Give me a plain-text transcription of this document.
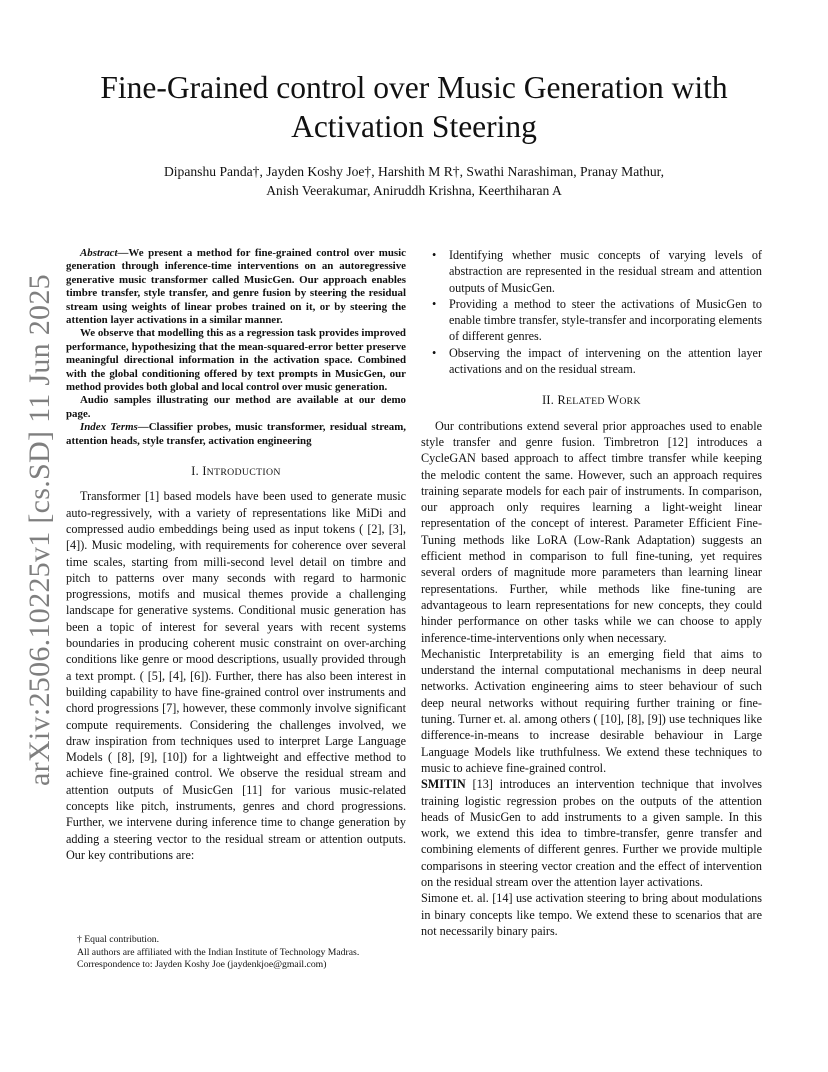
Fine-Grained control over Music Generation with
Activation Steering
Dipanshu Panda†, Jayden Koshy Joe†, Harshith M R†, Swathi Narashiman, Pranay Mathur,
Anish Veerakumar, Aniruddh Krishna, Keerthiharan A
arXiv:2506.10225v1 [cs.SD] 11 Jun 2025

Abstract—We present a method for fine-grained control over music generation through inference-time interventions on an autoregressive generative music transformer called MusicGen. Our approach enables timbre transfer, style transfer, and genre fusion by steering the residual stream using weights of linear probes trained on it, or by steering the attention layer activations in a similar manner.

We observe that modelling this as a regression task provides improved performance, hypothesizing that the mean-squared-error better preserve meaningful directional information in the activation space. Combined with the global conditioning offered by text prompts in MusicGen, our method provides both global and local control over music generation.

Audio samples illustrating our method are available at our demo page.

Index Terms—Classifier probes, music transformer, residual stream, attention heads, style transfer, activation engineering

I. INTRODUCTION

Transformer [1] based models have been used to generate music auto-regressively, with a variety of representations like MiDi and compressed audio embeddings being used as input tokens ( [2], [3], [4]). Music modeling, with requirements for coherence over several time scales, starting from milli-second level detail on timbre and pitch to patterns over many seconds with regard to harmonic progressions, motifs and musical themes provide a challenging landscape for generative systems. Conditional music generation has been a topic of interest for several years with recent systems boundaries in producing coherent music constraint on over-arching conditions like genre or mood descriptions, usually provided through a text prompt. ( [5], [4], [6]). Further, there has also been interest in building capability to have fine-grained control over instruments and chord progressions [7], however, these commonly involve significant compute requirements. Considering the challenges involved, we draw inspiration from techniques used to interpret Large Language Models ( [8], [9], [10]) for a lightweight and effective method to achieve fine-grained control. We observe the residual stream and attention outputs of MusicGen [11] for various music-related concepts like pitch, instruments, genres and chord progressions. Further, we intervene during inference time to change generation by adding a steering vector to the residual stream or attention outputs. Our key contributions are:

† Equal contribution.

All authors are affiliated with the Indian Institute of Technology Madras.

Correspondence to: Jayden Koshy Joe (jaydenkjoe@gmail.com)

• Identifying whether music concepts of varying levels of abstraction are represented in the residual stream and attention outputs of MusicGen.
• Providing a method to steer the activations of MusicGen to enable timbre transfer, style-transfer and incorporating elements of different genres.
• Observing the impact of intervening on the attention layer activations and on the residual stream.
II. RELATED WORK

Our contributions extend several prior approaches used to enable style transfer and genre fusion. Timbretron [12] introduces a CycleGAN based approach to affect timbre transfer while keeping the melodic content the same. However, such an approach requires training separate models for each pair of instruments. In comparison, our approach only requires learning a light-weight linear representation of the concept of interest. Parameter Efficient Fine-Tuning methods like LoRA (Low-Rank Adaptation) suggests an efficient method in comparison to full fine-tuning, yet requires several orders of magnitude more parameters than learning linear representations. Further, while methods like fine-tuning are advantageous to learn representations for new concepts, they could hinder performance on other tasks while we can choose to apply inference-time-interventions only when necessary.

Mechanistic Interpretability is an emerging field that aims to understand the internal computational mechanisms in deep neural networks. Activation engineering aims to steer behaviour of such deep neural networks without requiring further training or fine-tuning. Turner et. al. among others ( [10], [8], [9]) use techniques like difference-in-means to increase desirable behaviour in Large Language Models like truthfulness. We extend these techniques to music to achieve fine-grained control.

SMITIN [13] introduces an intervention technique that involves training logistic regression probes on the outputs of the attention heads of MusicGen to add instruments to a given sample. In this work, we extend this idea to timbre-transfer, genre transfer and combining elements of different genres. Further we provide multiple comparisons in steering vector creation and the effect of intervention on the residual stream over the attention layer activations.

Simone et. al. [14] use activation steering to bring about modulations in binary concepts like tempo. We extend these to scenarios that are not necessarily binary pairs.
